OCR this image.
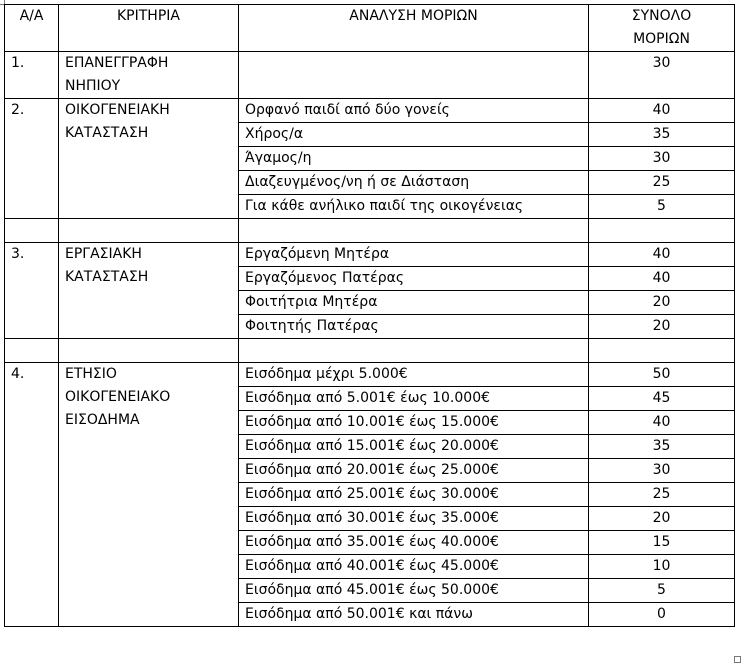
Α/Α	ΚΡΙΤΗΡΙΑ	ΑΝΑΛΥΣΗ ΜΟΡΙΩΝ	ΣΥΝΟΛΟ
ΜΟΡΙΩΝ

1.	ΕΠΑΝΕΓΓΡΑΦΗ
ΝΗΠΙΟΥ		30
2.	ΟΙΚΟΓΕΝΕΙΑΚΗ
ΚΑΤΑΣΤΑΣΗ	Ορφανό παιδί από δύο γονείς	40
		Χήρος/α	35
		Άγαμος/η	30
		Διαζευγμένος/νη ή σε Διάσταση	25
		Για κάθε ανήλικο παιδί της οικογένειας	5

3.	ΕΡΓΑΣΙΑΚΗ
ΚΑΤΑΣΤΑΣΗ	Εργαζόμενη Μητέρα	40
		Εργαζόμενος Πατέρας	40
		Φοιτήτρια Μητέρα	20
		Φοιτητής Πατέρας	20

4.	ΕΤΗΣΙΟ
ΟΙΚΟΓΕΝΕΙΑΚΟ
ΕΙΣΟΔΗΜΑ	Εισόδημα μέχρι 5.000€	50
		Εισόδημα από 5.001€ έως 10.000€	45
		Εισόδημα από 10.001€ έως 15.000€	40
		Εισόδημα από 15.001€ έως 20.000€	35
		Εισόδημα από 20.001€ έως 25.000€	30
		Εισόδημα από 25.001€ έως 30.000€	25
		Εισόδημα από 30.001€ έως 35.000€	20
		Εισόδημα από 35.001€ έως 40.000€	15
		Εισόδημα από 40.001€ έως 45.000€	10
		Εισόδημα από 45.001€ έως 50.000€	5
		Εισόδημα από 50.001€ και πάνω	0
